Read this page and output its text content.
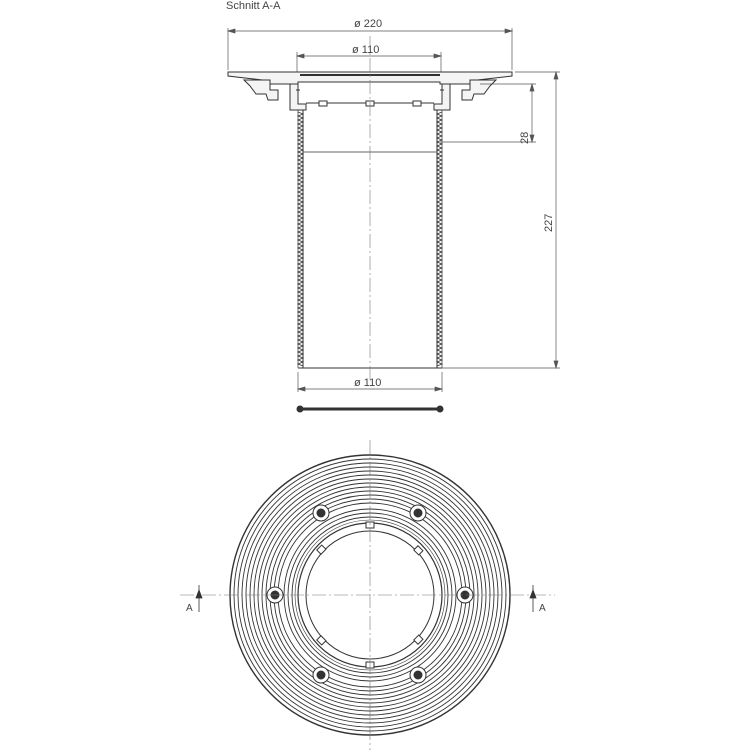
Schnitt A-A
ø 220
ø 110
ø 110
28
227
A	A
